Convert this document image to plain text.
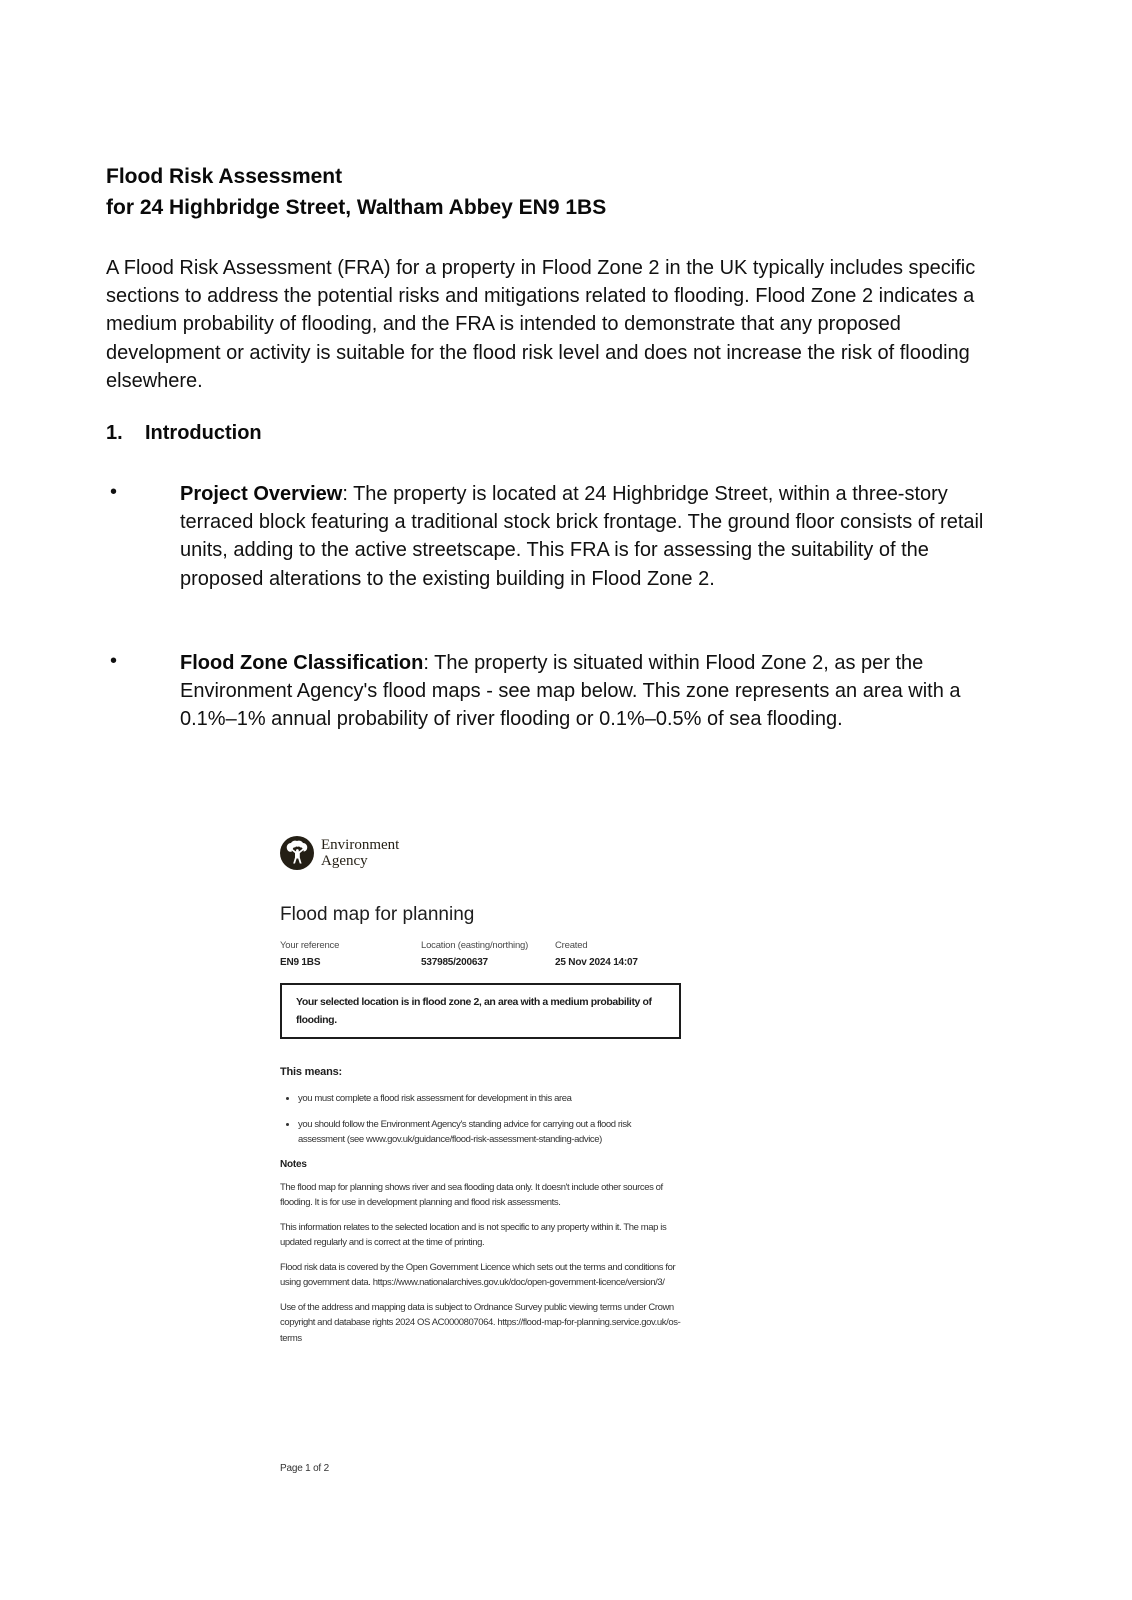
Flood Risk Assessment
for 24 Highbridge Street, Waltham Abbey EN9 1BS
A Flood Risk Assessment (FRA) for a property in Flood Zone 2 in the UK typically includes specific sections to address the potential risks and mitigations related to flooding. Flood Zone 2 indicates a medium probability of flooding, and the FRA is intended to demonstrate that any proposed development or activity is suitable for the flood risk level and does not increase the risk of flooding elsewhere.
1. Introduction
•	Project Overview: The property is located at 24 Highbridge Street, within a three-story terraced block featuring a traditional stock brick frontage. The ground floor consists of retail units, adding to the active streetscape. This FRA is for assessing the suitability of the proposed alterations to the existing building in Flood Zone 2.
•	Flood Zone Classification: The property is situated within Flood Zone 2, as per the Environment Agency's flood maps - see map below. This zone represents an area with a 0.1%–1% annual probability of river flooding or 0.1%–0.5% of sea flooding.
Environment
Agency
Flood map for planning
Your reference
EN9 1BS
Location (easting/northing)
537985/200637
Created
25 Nov 2024 14:07
Your selected location is in flood zone 2, an area with a medium probability of flooding.
This means:
• you must complete a flood risk assessment for development in this area
• you should follow the Environment Agency's standing advice for carrying out a flood risk assessment (see www.gov.uk/guidance/flood-risk-assessment-standing-advice)
Notes
The flood map for planning shows river and sea flooding data only. It doesn't include other sources of flooding. It is for use in development planning and flood risk assessments.
This information relates to the selected location and is not specific to any property within it. The map is updated regularly and is correct at the time of printing.
Flood risk data is covered by the Open Government Licence which sets out the terms and conditions for using government data. https://www.nationalarchives.gov.uk/doc/open-government-licence/version/3/
Use of the address and mapping data is subject to Ordnance Survey public viewing terms under Crown copyright and database rights 2024 OS AC0000807064. https://flood-map-for-planning.service.gov.uk/os-terms
Page 1 of 2
